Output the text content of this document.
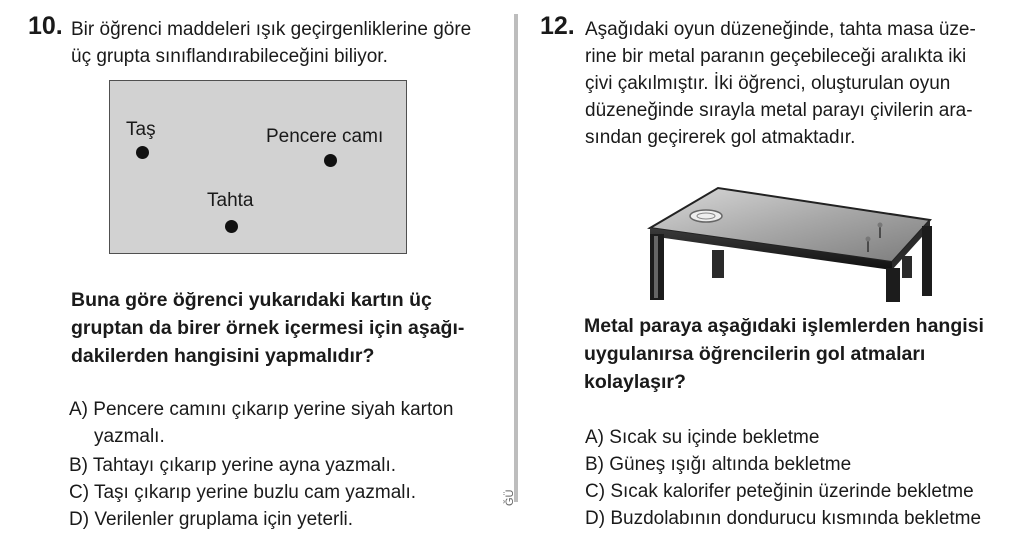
10. Bir öğrenci maddeleri ışık geçirgenliklerine göre
üç grupta sınıflandırabileceğini biliyor.
Taş	Pencere camı
Tahta
Buna göre öğrenci yukarıdaki kartın üç
gruptan da birer örnek içermesi için aşağı-
dakilerden hangisini yapmalıdır?
A) Pencere camını çıkarıp yerine siyah karton
yazmalı.
B) Tahtayı çıkarıp yerine ayna yazmalı.
C) Taşı çıkarıp yerine buzlu cam yazmalı.
D) Verilenler gruplama için yeterli.
ĞÜ
12. Aşağıdaki oyun düzeneğinde, tahta masa üze-
rine bir metal paranın geçebileceği aralıkta iki
çivi çakılmıştır. İki öğrenci, oluşturulan oyun
düzeneğinde sırayla metal parayı çivilerin ara-
sından geçirerek gol atmaktadır.
Metal paraya aşağıdaki işlemlerden hangisi
uygulanırsa öğrencilerin gol atmaları
kolaylaşır?
A) Sıcak su içinde bekletme
B) Güneş ışığı altında bekletme
C) Sıcak kalorifer peteğinin üzerinde bekletme
D) Buzdolabının dondurucu kısmında bekletme
